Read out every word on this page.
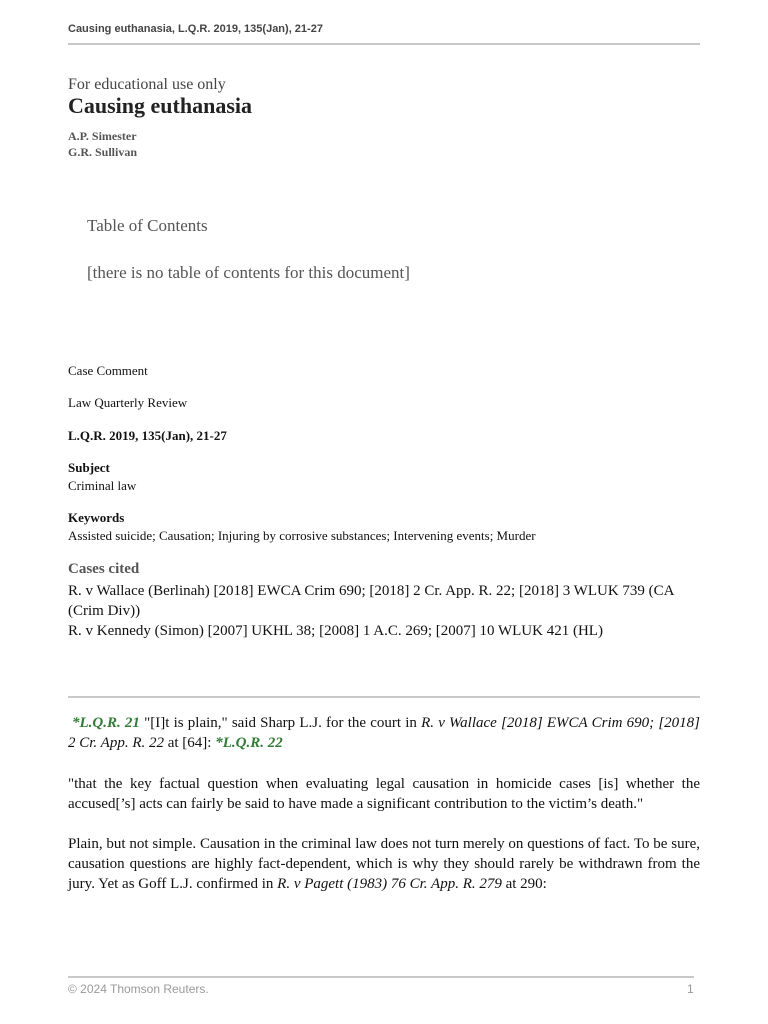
Causing euthanasia, L.Q.R. 2019, 135(Jan), 21-27
For educational use only
Causing euthanasia
A.P. Simester
G.R. Sullivan
Table of Contents
[there is no table of contents for this document]
Case Comment
Law Quarterly Review
L.Q.R. 2019, 135(Jan), 21-27
Subject
Criminal law
Keywords
Assisted suicide; Causation; Injuring by corrosive substances; Intervening events; Murder
Cases cited
R. v Wallace (Berlinah) [2018] EWCA Crim 690; [2018] 2 Cr. App. R. 22; [2018] 3 WLUK 739 (CA (Crim Div))
R. v Kennedy (Simon) [2007] UKHL 38; [2008] 1 A.C. 269; [2007] 10 WLUK 421 (HL)
*L.Q.R. 21 "[I]t is plain," said Sharp L.J. for the court in R. v Wallace [2018] EWCA Crim 690; [2018] 2 Cr. App. R. 22 at [64]: *L.Q.R. 22
"that the key factual question when evaluating legal causation in homicide cases [is] whether the accused[’s] acts can fairly be said to have made a significant contribution to the victim’s death."
Plain, but not simple. Causation in the criminal law does not turn merely on questions of fact. To be sure, causation questions are highly fact-dependent, which is why they should rarely be withdrawn from the jury. Yet as Goff L.J. confirmed in R. v Pagett (1983) 76 Cr. App. R. 279 at 290:
© 2024 Thomson Reuters.	1
